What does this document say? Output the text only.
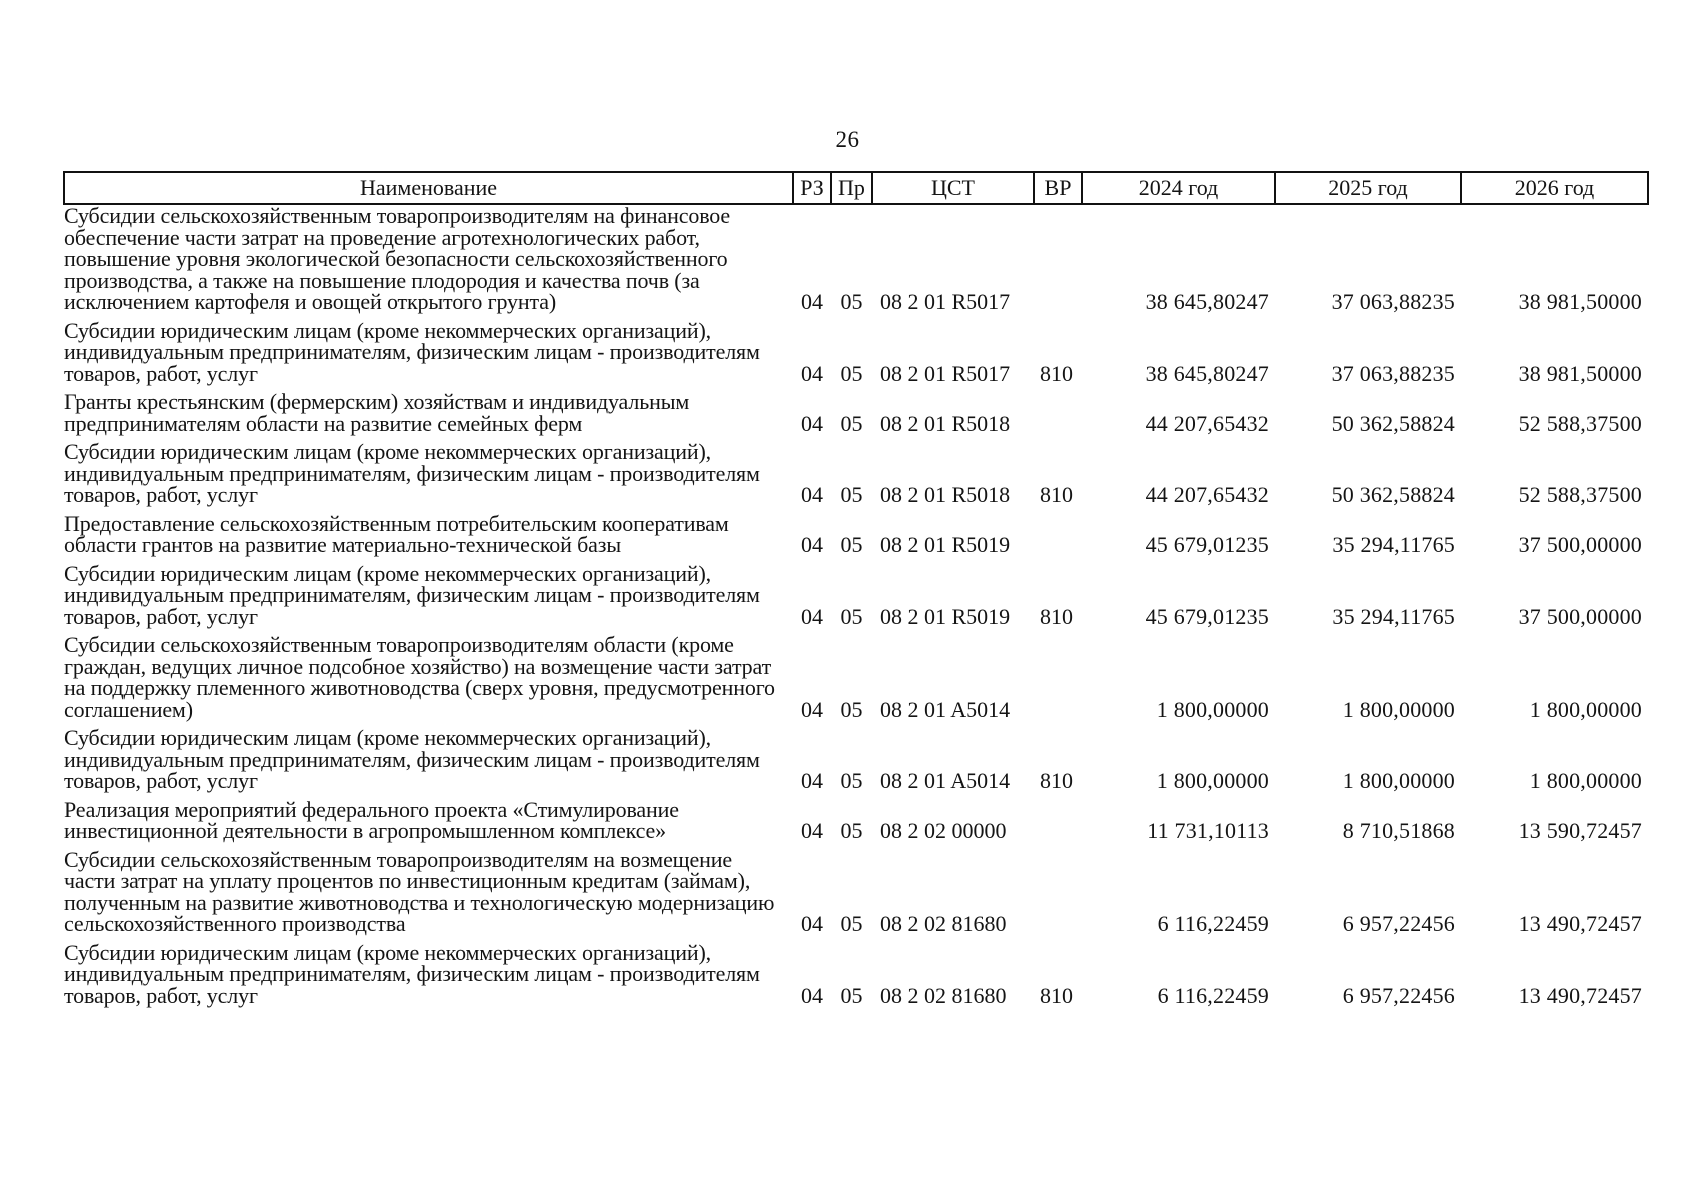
26
Наименование	РЗ	Пр	ЦСТ	ВР	2024 год	2025 год	2026 год
Субсидии сельскохозяйственным товаропроизводителям на финансовое обеспечение части затрат на проведение агротехнологических работ, повышение уровня экологической безопасности сельскохозяйственного производства, а также на повышение плодородия и качества почв (за исключением картофеля и овощей открытого грунта)	04	05	08 2 01 R5017		38 645,80247	37 063,88235	38 981,50000
Субсидии юридическим лицам (кроме некоммерческих организаций), индивидуальным предпринимателям, физическим лицам - производителям товаров, работ, услуг	04	05	08 2 01 R5017	810	38 645,80247	37 063,88235	38 981,50000
Гранты крестьянским (фермерским) хозяйствам и индивидуальным предпринимателям области на развитие семейных ферм	04	05	08 2 01 R5018		44 207,65432	50 362,58824	52 588,37500
Субсидии юридическим лицам (кроме некоммерческих организаций), индивидуальным предпринимателям, физическим лицам - производителям товаров, работ, услуг	04	05	08 2 01 R5018	810	44 207,65432	50 362,58824	52 588,37500
Предоставление сельскохозяйственным потребительским кооперативам области грантов на развитие материально-технической базы	04	05	08 2 01 R5019		45 679,01235	35 294,11765	37 500,00000
Субсидии юридическим лицам (кроме некоммерческих организаций), индивидуальным предпринимателям, физическим лицам - производителям товаров, работ, услуг	04	05	08 2 01 R5019	810	45 679,01235	35 294,11765	37 500,00000
Субсидии сельскохозяйственным товаропроизводителям области (кроме граждан, ведущих личное подсобное хозяйство) на возмещение части затрат на поддержку племенного животноводства (сверх уровня, предусмотренного соглашением)	04	05	08 2 01 A5014		1 800,00000	1 800,00000	1 800,00000
Субсидии юридическим лицам (кроме некоммерческих организаций), индивидуальным предпринимателям, физическим лицам - производителям товаров, работ, услуг	04	05	08 2 01 A5014	810	1 800,00000	1 800,00000	1 800,00000
Реализация мероприятий федерального проекта «Стимулирование инвестиционной деятельности в агропромышленном комплексе»	04	05	08 2 02 00000		11 731,10113	8 710,51868	13 590,72457
Субсидии сельскохозяйственным товаропроизводителям на возмещение части затрат на уплату процентов по инвестиционным кредитам (займам), полученным на развитие животноводства и технологическую модернизацию сельскохозяйственного производства	04	05	08 2 02 81680		6 116,22459	6 957,22456	13 490,72457
Субсидии юридическим лицам (кроме некоммерческих организаций), индивидуальным предпринимателям, физическим лицам - производителям товаров, работ, услуг	04	05	08 2 02 81680	810	6 116,22459	6 957,22456	13 490,72457
